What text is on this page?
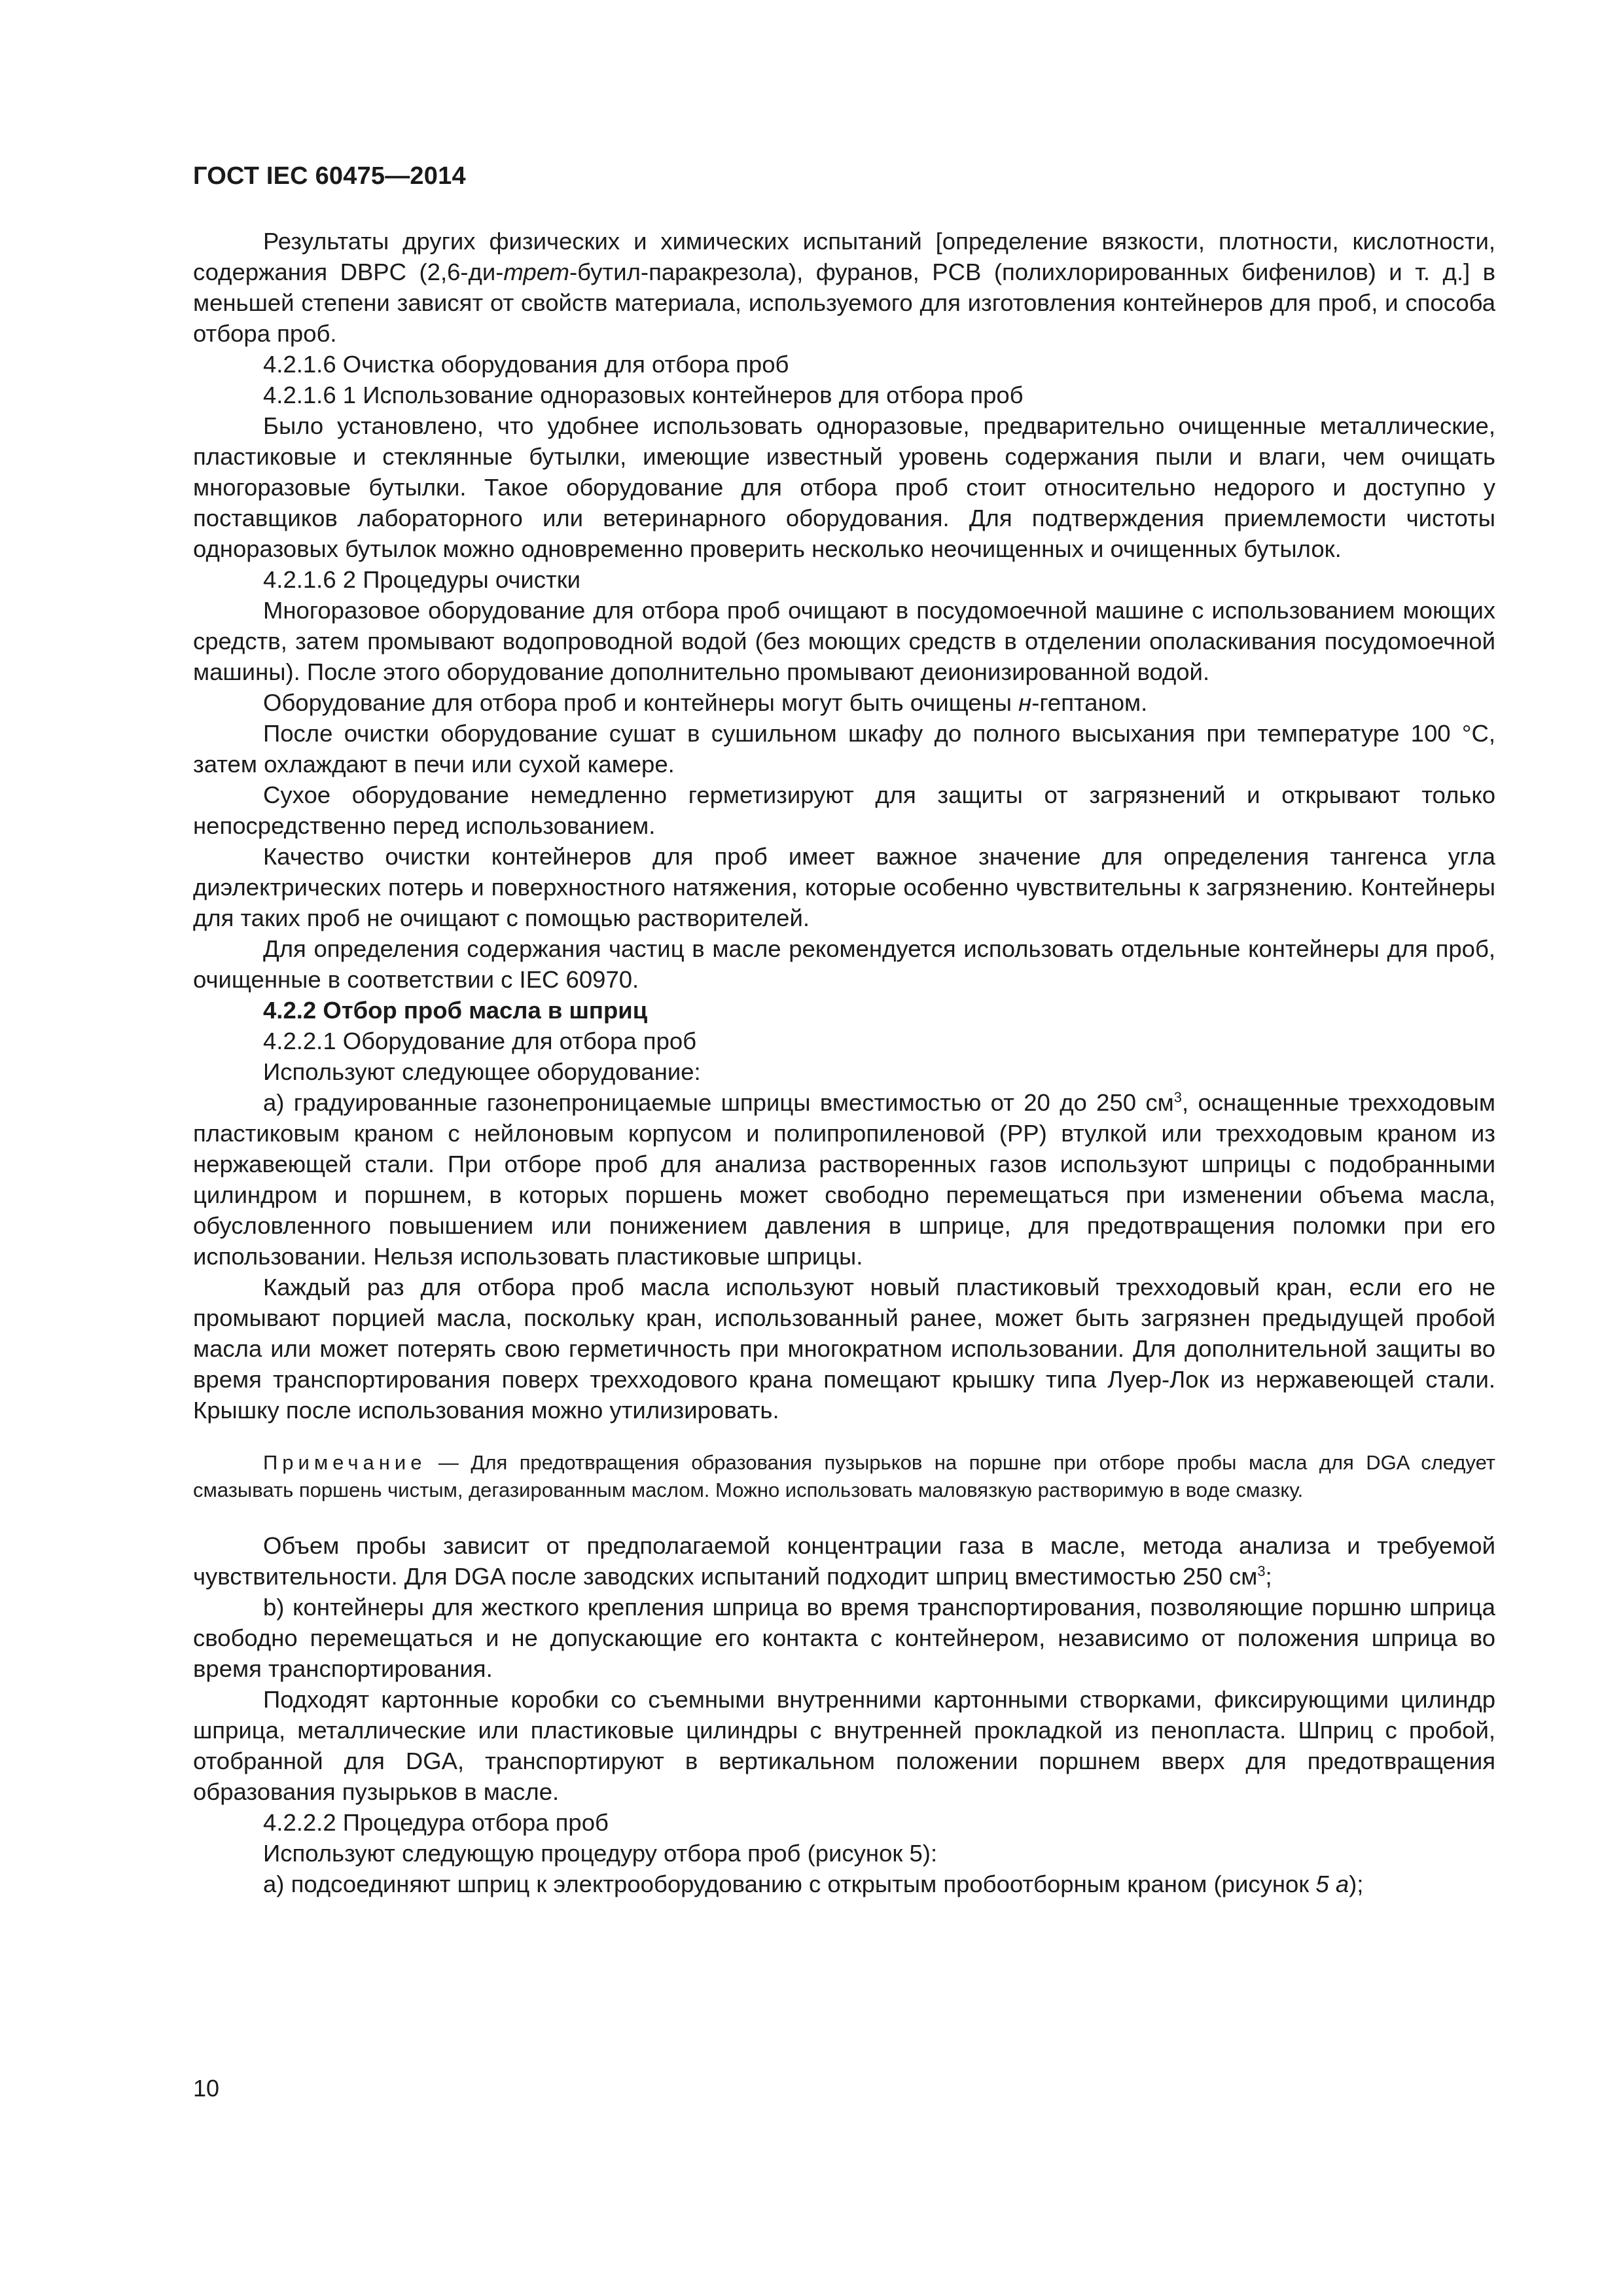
ГОСТ IEC 60475—2014

Результаты других физических и химических испытаний [определение вязкости, плотности, кислотности, содержания DBPC (2,6-ди-трет-бутил-паракрезола), фуранов, PCB (полихлорированных бифенилов) и т. д.] в меньшей степени зависят от свойств материала, используемого для изготовления контейнеров для проб, и способа отбора проб.

4.2.1.6 Очистка оборудования для отбора проб

4.2.1.6 1 Использование одноразовых контейнеров для отбора проб

Было установлено, что удобнее использовать одноразовые, предварительно очищенные металлические, пластиковые и стеклянные бутылки, имеющие известный уровень содержания пыли и влаги, чем очищать многоразовые бутылки. Такое оборудование для отбора проб стоит относительно недорого и доступно у поставщиков лабораторного или ветеринарного оборудования. Для подтверждения приемлемости чистоты одноразовых бутылок можно одновременно проверить несколько неочищенных и очищенных бутылок.

4.2.1.6 2 Процедуры очистки

Многоразовое оборудование для отбора проб очищают в посудомоечной машине с использованием моющих средств, затем промывают водопроводной водой (без моющих средств в отделении ополаскивания посудомоечной машины). После этого оборудование дополнительно промывают деионизированной водой.

Оборудование для отбора проб и контейнеры могут быть очищены н-гептаном.

После очистки оборудование сушат в сушильном шкафу до полного высыхания при температуре 100 °С, затем охлаждают в печи или сухой камере.

Сухое оборудование немедленно герметизируют для защиты от загрязнений и открывают только непосредственно перед использованием.

Качество очистки контейнеров для проб имеет важное значение для определения тангенса угла диэлектрических потерь и поверхностного натяжения, которые особенно чувствительны к загрязнению. Контейнеры для таких проб не очищают с помощью растворителей.

Для определения содержания частиц в масле рекомендуется использовать отдельные контейнеры для проб, очищенные в соответствии с IEC 60970.

4.2.2 Отбор проб масла в шприц

4.2.2.1 Оборудование для отбора проб

Используют следующее оборудование:

a) градуированные газонепроницаемые шприцы вместимостью от 20 до 250 $см^3$, оснащенные трехходовым пластиковым краном с нейлоновым корпусом и полипропиленовой (PP) втулкой или трехходовым краном из нержавеющей стали. При отборе проб для анализа растворенных газов используют шприцы с подобранными цилиндром и поршнем, в которых поршень может свободно перемещаться при изменении объема масла, обусловленного повышением или понижением давления в шприце, для предотвращения поломки при его использовании. Нельзя использовать пластиковые шприцы.

Каждый раз для отбора проб масла используют новый пластиковый трехходовый кран, если его не промывают порцией масла, поскольку кран, использованный ранее, может быть загрязнен предыдущей пробой масла или может потерять свою герметичность при многократном использовании. Для дополнительной защиты во время транспортирования поверх трехходового крана помещают крышку типа Луер-Лок из нержавеющей стали. Крышку после использования можно утилизировать.

Примечание — Для предотвращения образования пузырьков на поршне при отборе пробы масла для DGA следует смазывать поршень чистым, дегазированным маслом. Можно использовать маловязкую растворимую в воде смазку.

Объем пробы зависит от предполагаемой концентрации газа в масле, метода анализа и требуемой чувствительности. Для DGA после заводских испытаний подходит шприц вместимостью 250 $см^3$;

b) контейнеры для жесткого крепления шприца во время транспортирования, позволяющие поршню шприца свободно перемещаться и не допускающие его контакта с контейнером, независимо от положения шприца во время транспортирования.

Подходят картонные коробки со съемными внутренними картонными створками, фиксирующими цилиндр шприца, металлические или пластиковые цилиндры с внутренней прокладкой из пенопласта. Шприц с пробой, отобранной для DGA, транспортируют в вертикальном положении поршнем вверх для предотвращения образования пузырьков в масле.

4.2.2.2 Процедура отбора проб

Используют следующую процедуру отбора проб (рисунок 5):

a) подсоединяют шприц к электрооборудованию с открытым пробоотборным краном (рисунок 5 a);

10
